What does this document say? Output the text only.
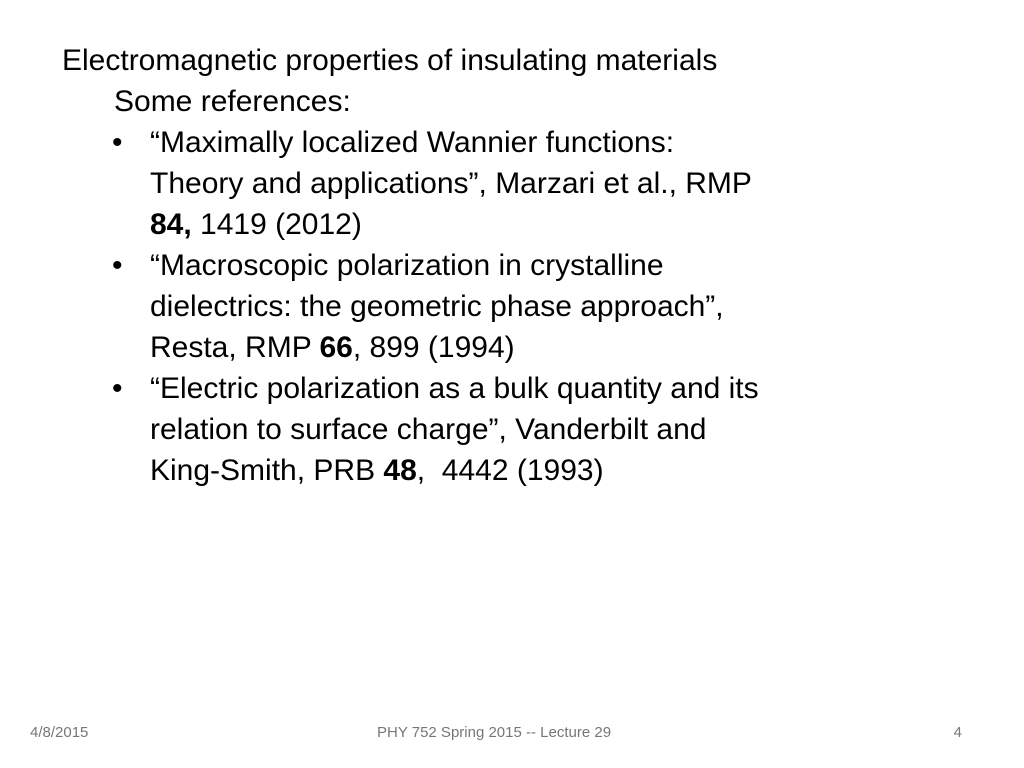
Electromagnetic properties of insulating materials
Some references:
• “Maximally localized Wannier functions:
Theory and applications”, Marzari et al., RMP
84, 1419 (2012)
• “Macroscopic polarization in crystalline
dielectrics: the geometric phase approach”,
Resta, RMP 66, 899 (1994)
• “Electric polarization as a bulk quantity and its
relation to surface charge”, Vanderbilt and
King-Smith, PRB 48,  4442 (1993)
4/8/2015	PHY 752 Spring 2015 -- Lecture 29	4
